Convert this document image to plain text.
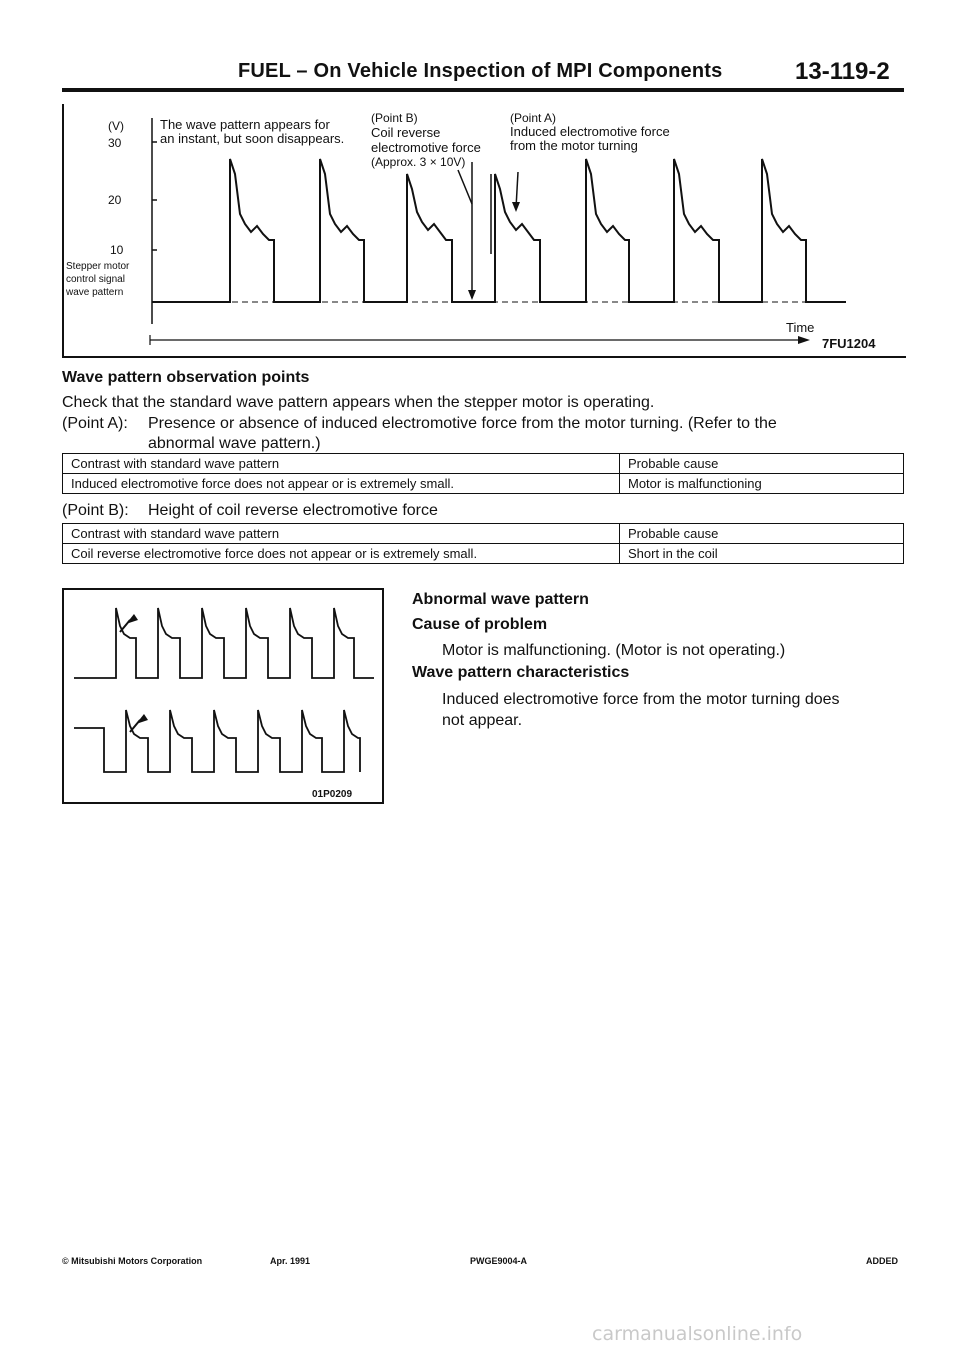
FUEL – On Vehicle Inspection of MPI Components	13-119-2
(V)
30
20
10
Stepper motor
control signal
wave pattern
The wave pattern appears for
an instant, but soon disappears.
(Point B)
Coil reverse
electromotive force
(Approx. 3 × 10V)
(Point A)
Induced electromotive force
from the motor turning
Time
7FU1204
Wave pattern observation points
Check that the standard wave pattern appears when the stepper motor is operating.
(Point A): Presence or absence of induced electromotive force from the motor turning. (Refer to the
abnormal wave pattern.)
Contrast with standard wave pattern	Probable cause
Induced electromotive force does not appear or is extremely small.	Motor is malfunctioning
(Point B): Height of coil reverse electromotive force
Contrast with standard wave pattern	Probable cause
Coil reverse electromotive force does not appear or is extremely small.	Short in the coil
01P0209
Abnormal wave pattern
Cause of problem
Motor is malfunctioning. (Motor is not operating.)
Wave pattern characteristics
Induced electromotive force from the motor turning does
not appear.
© Mitsubishi Motors Corporation	Apr. 1991	PWGE9004-A	ADDED
carmanualsonline.info
